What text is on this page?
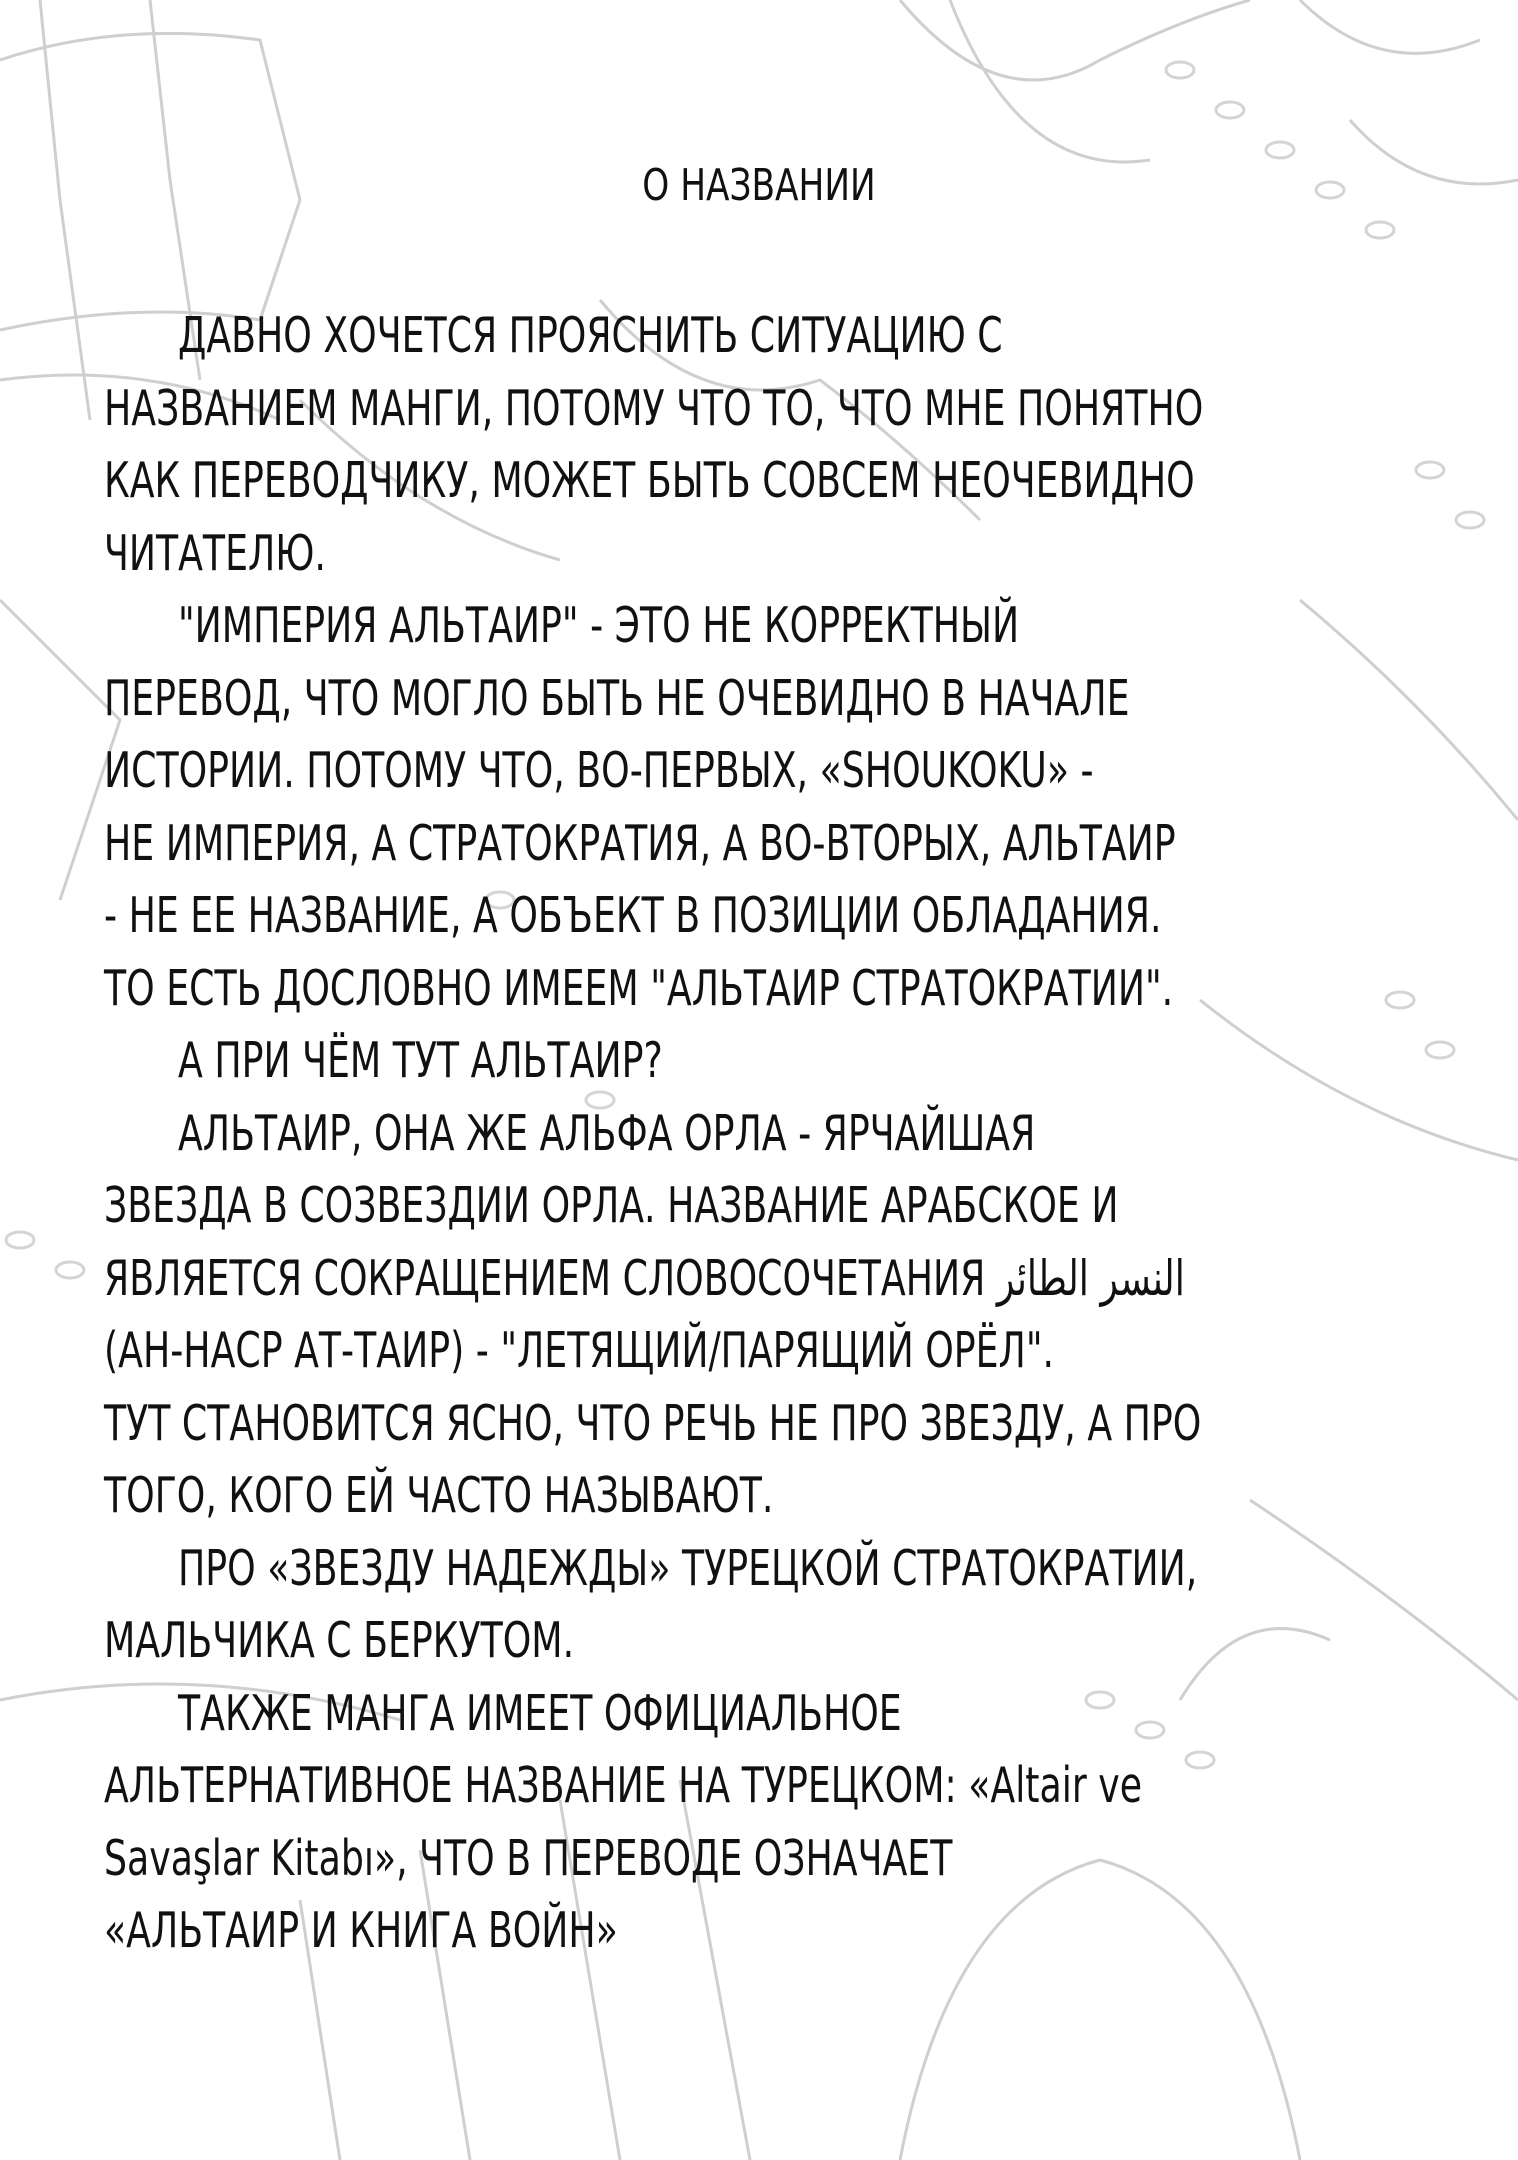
О НАЗВАНИИ
ДАВНО ХОЧЕТСЯ ПРОЯСНИТЬ СИТУАЦИЮ С
НАЗВАНИЕМ МАНГИ, ПОТОМУ ЧТО ТО, ЧТО МНЕ ПОНЯТНО
КАК ПЕРЕВОДЧИКУ, МОЖЕТ БЫТЬ СОВСЕМ НЕОЧЕВИДНО
ЧИТАТЕЛЮ.
"ИМПЕРИЯ АЛЬТАИР" - ЭТО НЕ КОРРЕКТНЫЙ
ПЕРЕВОД, ЧТО МОГЛО БЫТЬ НЕ ОЧЕВИДНО В НАЧАЛЕ
ИСТОРИИ. ПОТОМУ ЧТО, ВО-ПЕРВЫХ, «SHOUKOKU» -
НЕ ИМПЕРИЯ, А СТРАТОКРАТИЯ, А ВО-ВТОРЫХ, АЛЬТАИР
- НЕ ЕЕ НАЗВАНИЕ, А ОБЪЕКТ В ПОЗИЦИИ ОБЛАДАНИЯ.
ТО ЕСТЬ ДОСЛОВНО ИМЕЕМ "АЛЬТАИР СТРАТОКРАТИИ".
А ПРИ ЧЁМ ТУТ АЛЬТАИР?
АЛЬТАИР, ОНА ЖЕ АЛЬФА ОРЛА - ЯРЧАЙШАЯ
ЗВЕЗДА В СОЗВЕЗДИИ ОРЛА. НАЗВАНИЕ АРАБСКОЕ И
ЯВЛЯЕТСЯ СОКРАЩЕНИЕМ СЛОВОСОЧЕТАНИЯ النسر الطائر
(АН-НАСР АТ-ТАИР) - "ЛЕТЯЩИЙ/ПАРЯЩИЙ ОРЁЛ".
ТУТ СТАНОВИТСЯ ЯСНО, ЧТО РЕЧЬ НЕ ПРО ЗВЕЗДУ, А ПРО
ТОГО, КОГО ЕЙ ЧАСТО НАЗЫВАЮТ.
ПРО «ЗВЕЗДУ НАДЕЖДЫ» ТУРЕЦКОЙ СТРАТОКРАТИИ,
МАЛЬЧИКА С БЕРКУТОМ.
ТАКЖЕ МАНГА ИМЕЕТ ОФИЦИАЛЬНОЕ
АЛЬТЕРНАТИВНОЕ НАЗВАНИЕ НА ТУРЕЦКОМ: «Altair ve
Savaşlar Kitabı», ЧТО В ПЕРЕВОДЕ ОЗНАЧАЕТ
«АЛЬТАИР И КНИГА ВОЙН»
